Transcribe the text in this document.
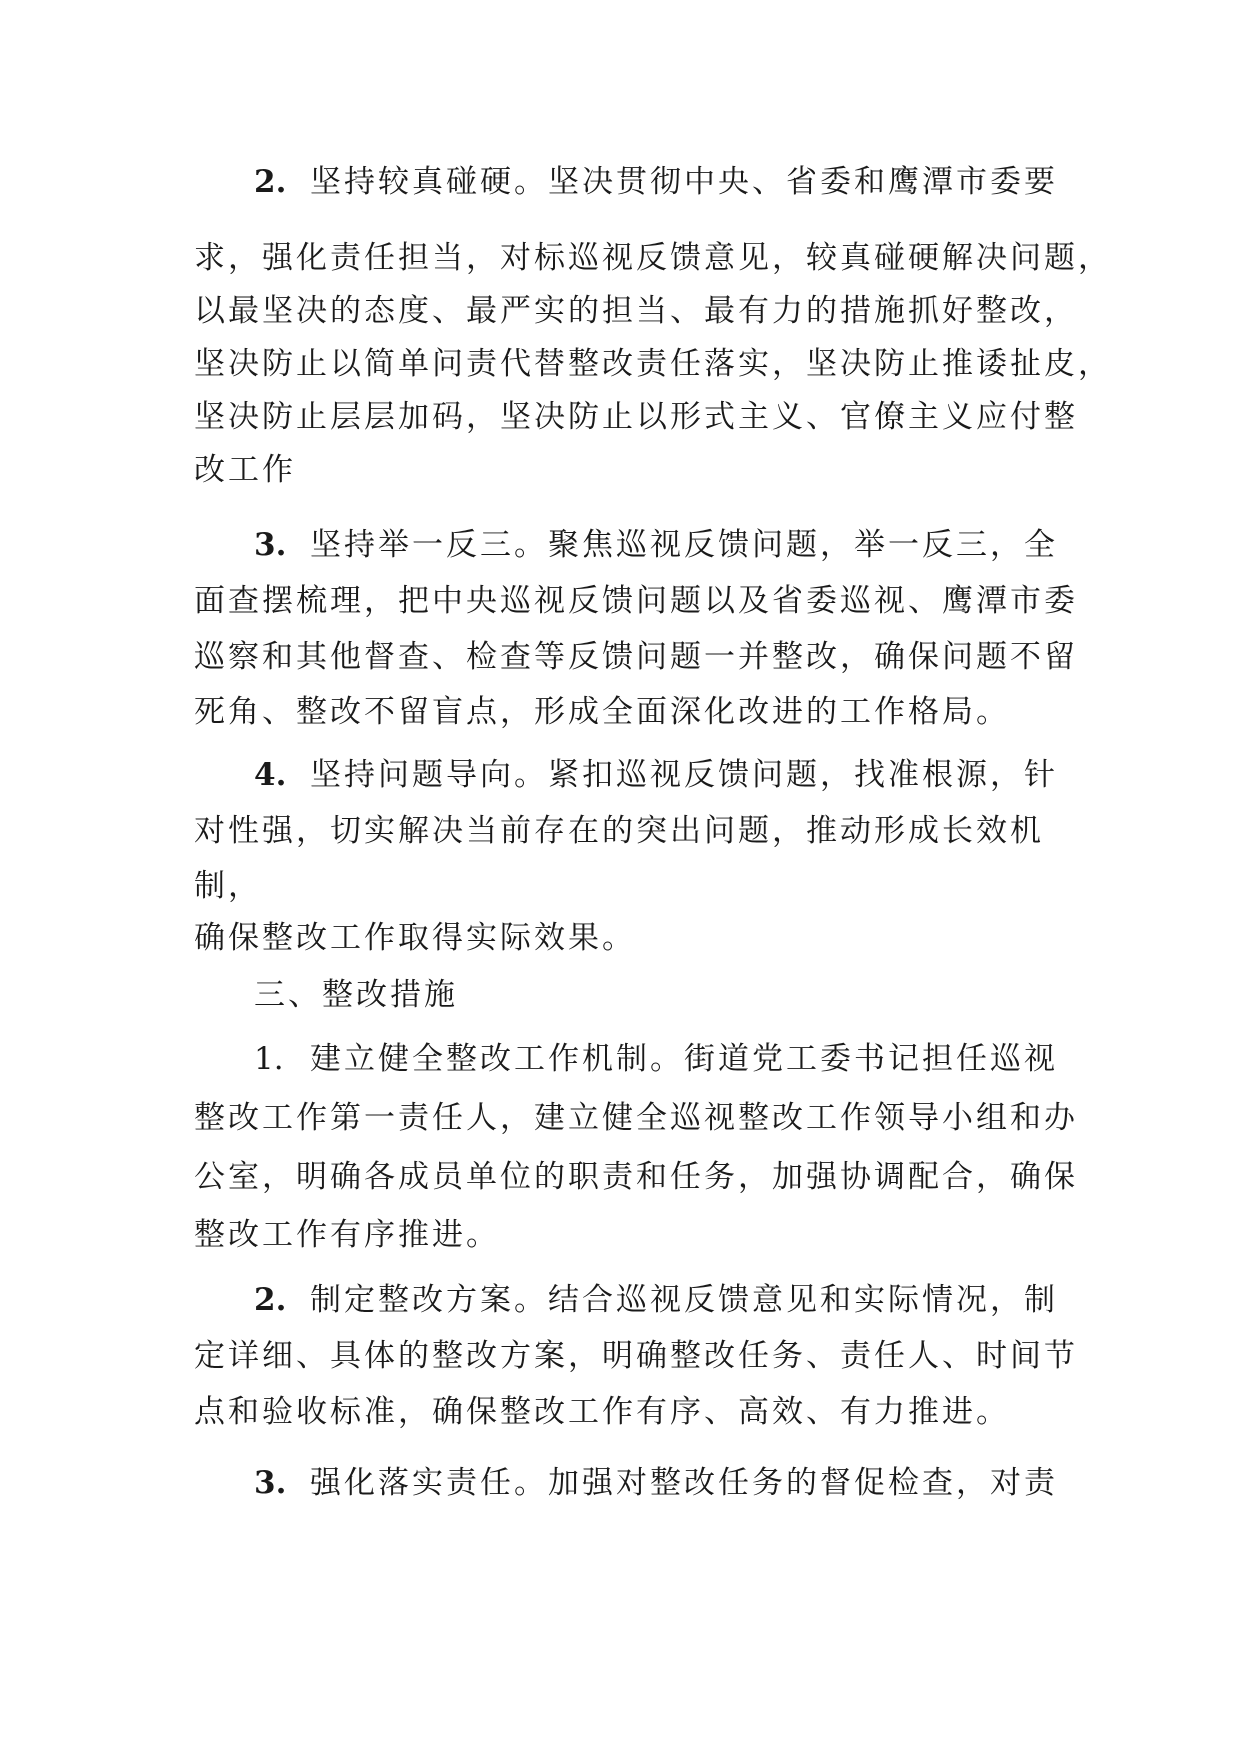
2. 坚持较真碰硬。坚决贯彻中央、省委和鹰潭市委要
求，强化责任担当，对标巡视反馈意见，较真碰硬解决问题，
以最坚决的态度、最严实的担当、最有力的措施抓好整改，
坚决防止以简单问责代替整改责任落实，坚决防止推诿扯皮，
坚决防止层层加码，坚决防止以形式主义、官僚主义应付整
改工作
3. 坚持举一反三。聚焦巡视反馈问题，举一反三，全
面查摆梳理，把中央巡视反馈问题以及省委巡视、鹰潭市委
巡察和其他督查、检查等反馈问题一并整改，确保问题不留
死角、整改不留盲点，形成全面深化改进的工作格局。
4. 坚持问题导向。紧扣巡视反馈问题，找准根源，针
对性强，切实解决当前存在的突出问题，推动形成长效机
制，
确保整改工作取得实际效果。
三、整改措施
1. 建立健全整改工作机制。街道党工委书记担任巡视
整改工作第一责任人，建立健全巡视整改工作领导小组和办
公室，明确各成员单位的职责和任务，加强协调配合，确保
整改工作有序推进。
2. 制定整改方案。结合巡视反馈意见和实际情况，制
定详细、具体的整改方案，明确整改任务、责任人、时间节
点和验收标准，确保整改工作有序、高效、有力推进。
3. 强化落实责任。加强对整改任务的督促检查，对责
